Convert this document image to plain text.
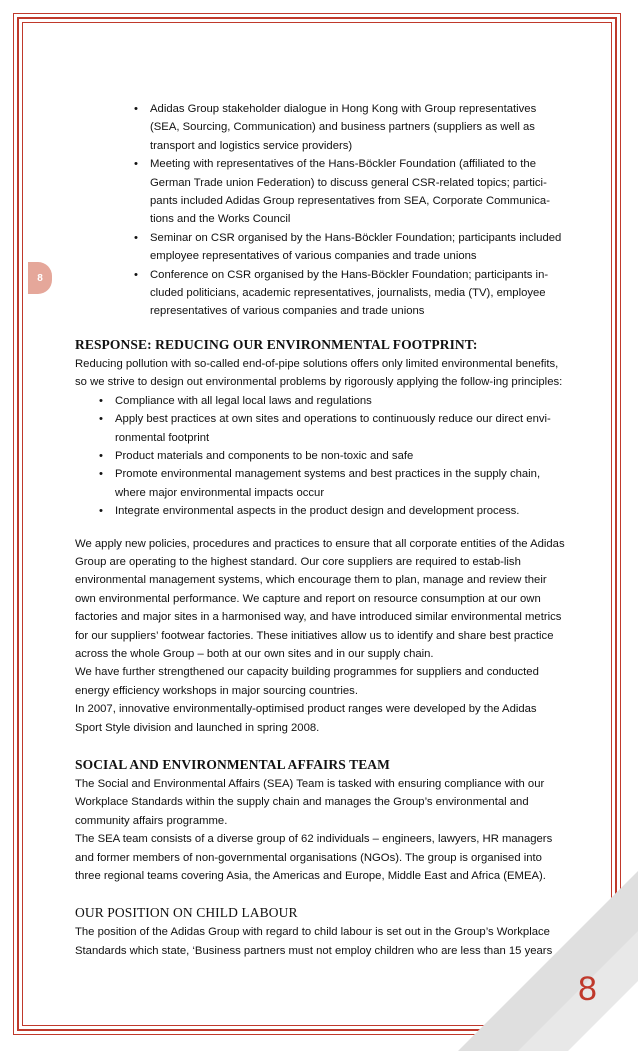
8
8
• Adidas Group stakeholder dialogue in Hong Kong with Group representatives (SEA, Sourcing, Communication) and business partners (suppliers as well as transport and logistics service providers)
• Meeting with representatives of the Hans-Böckler Foundation (affiliated to the German Trade union Federation) to discuss general CSR-related topics; partici-pants included Adidas Group representatives from SEA, Corporate Communica-tions and the Works Council
• Seminar on CSR organised by the Hans-Böckler Foundation; participants included employee representatives of various companies and trade unions
• Conference on CSR organised by the Hans-Böckler Foundation; participants in-cluded politicians, academic representatives, journalists, media (TV), employee representatives of various companies and trade unions
RESPONSE: REDUCING OUR ENVIRONMENTAL FOOTPRINT:

Reducing pollution with so-called end-of-pipe solutions offers only limited environmental benefits, so we strive to design out environmental problems by rigorously applying the follow-ing principles:

• Compliance with all legal local laws and regulations
• Apply best practices at own sites and operations to continuously reduce our direct envi-ronmental footprint
• Product materials and components to be non-toxic and safe
• Promote environmental management systems and best practices in the supply chain, where major environmental impacts occur
• Integrate environmental aspects in the product design and development process.

We apply new policies, procedures and practices to ensure that all corporate entities of the Adidas Group are operating to the highest standard. Our core suppliers are required to estab-lish environmental management systems, which encourage them to plan, manage and review their own environmental performance. We capture and report on resource consumption at our own factories and major sites in a harmonised way, and have introduced similar environmental metrics for our suppliers’ footwear factories. These initiatives allow us to identify and share best practice across the whole Group – both at our own sites and in our supply chain.

We have further strengthened our capacity building programmes for suppliers and conducted energy efficiency workshops in major sourcing countries.

In 2007, innovative environmentally-optimised product ranges were developed by the Adidas Sport Style division and launched in spring 2008.

SOCIAL AND ENVIRONMENTAL AFFAIRS TEAM

The Social and Environmental Affairs (SEA) Team is tasked with ensuring compliance with our Workplace Standards within the supply chain and manages the Group’s environmental and community affairs programme.

The SEA team consists of a diverse group of 62 individuals – engineers, lawyers, HR managers and former members of non-governmental organisations (NGOs). The group is organised into three regional teams covering Asia, the Americas and Europe, Middle East and Africa (EMEA).

OUR POSITION ON CHILD LABOUR

The position of the Adidas Group with regard to child labour is set out in the Group’s Workplace Standards which state, ‘Business partners must not employ children who are less than 15 years
